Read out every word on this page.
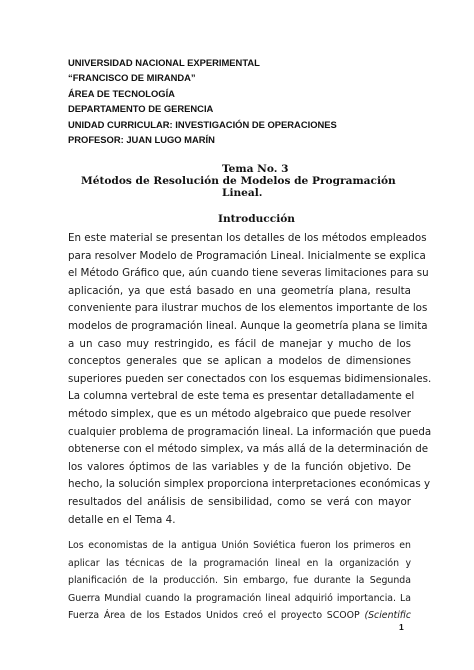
UNIVERSIDAD NACIONAL EXPERIMENTAL
“FRANCISCO DE MIRANDA”
ÁREA DE TECNOLOGÍA
DEPARTAMENTO DE GERENCIA
UNIDAD CURRICULAR: INVESTIGACIÓN DE OPERACIONES
PROFESOR: JUAN LUGO MARÍN
Tema No. 3
Métodos de Resolución de Modelos de Programación
Lineal.
Introducción
En este material se presentan los detalles de los métodos empleados
para resolver Modelo de Programación Lineal. Inicialmente se explica
el Método Gráfico que, aún cuando tiene severas limitaciones para su
aplicación, ya que está basado en una geometría plana, resulta
conveniente para ilustrar muchos de los elementos importante de los
modelos de programación lineal. Aunque la geometría plana se limita
a un caso muy restringido, es fácil de manejar y mucho de los
conceptos generales que se aplican a modelos de dimensiones
superiores pueden ser conectados con los esquemas bidimensionales.
La columna vertebral de este tema es presentar detalladamente el
método simplex, que es un método algebraico que puede resolver
cualquier problema de programación lineal. La información que pueda
obtenerse con el método simplex, va más allá de la determinación de
los valores óptimos de las variables y de la función objetivo. De
hecho, la solución simplex proporciona interpretaciones económicas y
resultados del análisis de sensibilidad, como se verá con mayor
detalle en el Tema 4.
Los economistas de la antigua Unión Soviética fueron los primeros en
aplicar las técnicas de la programación lineal en la organización y
planificación de la producción. Sin embargo, fue durante la Segunda
Guerra Mundial cuando la programación lineal adquirió importancia. La
Fuerza Área de los Estados Unidos creó el proyecto SCOOP (Scientific
1
